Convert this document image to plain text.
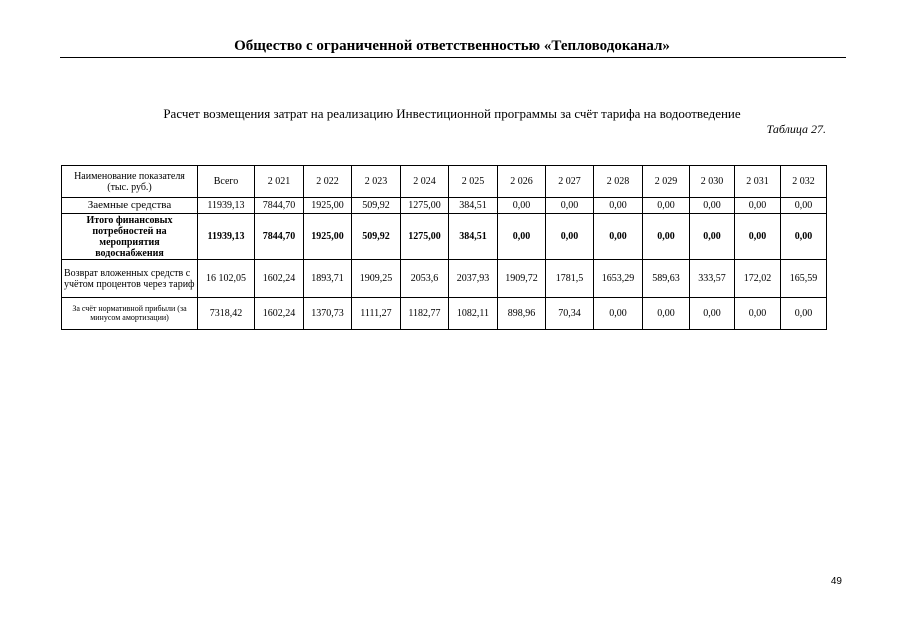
Общество с ограниченной ответственностью «Тепловодоканал»
Расчет возмещения затрат на реализацию Инвестиционной программы за счёт тарифа на водоотведение
Таблица 27.
Наименование показателя (тыс. руб.)	Всего	2 021	2 022	2 023	2 024	2 025	2 026	2 027	2 028	2 029	2 030	2 031	2 032
Заемные средства	11939,13	7844,70	1925,00	509,92	1275,00	384,51	0,00	0,00	0,00	0,00	0,00	0,00	0,00
Итого финансовых потребностей на мероприятия водоснабжения	11939,13	7844,70	1925,00	509,92	1275,00	384,51	0,00	0,00	0,00	0,00	0,00	0,00	0,00
Возврат вложенных средств с учётом процентов через тариф	16 102,05	1602,24	1893,71	1909,25	2053,6	2037,93	1909,72	1781,5	1653,29	589,63	333,57	172,02	165,59
За счёт нормативной прибыли (за минусом амортизации)	7318,42	1602,24	1370,73	1111,27	1182,77	1082,11	898,96	70,34	0,00	0,00	0,00	0,00	0,00
49
